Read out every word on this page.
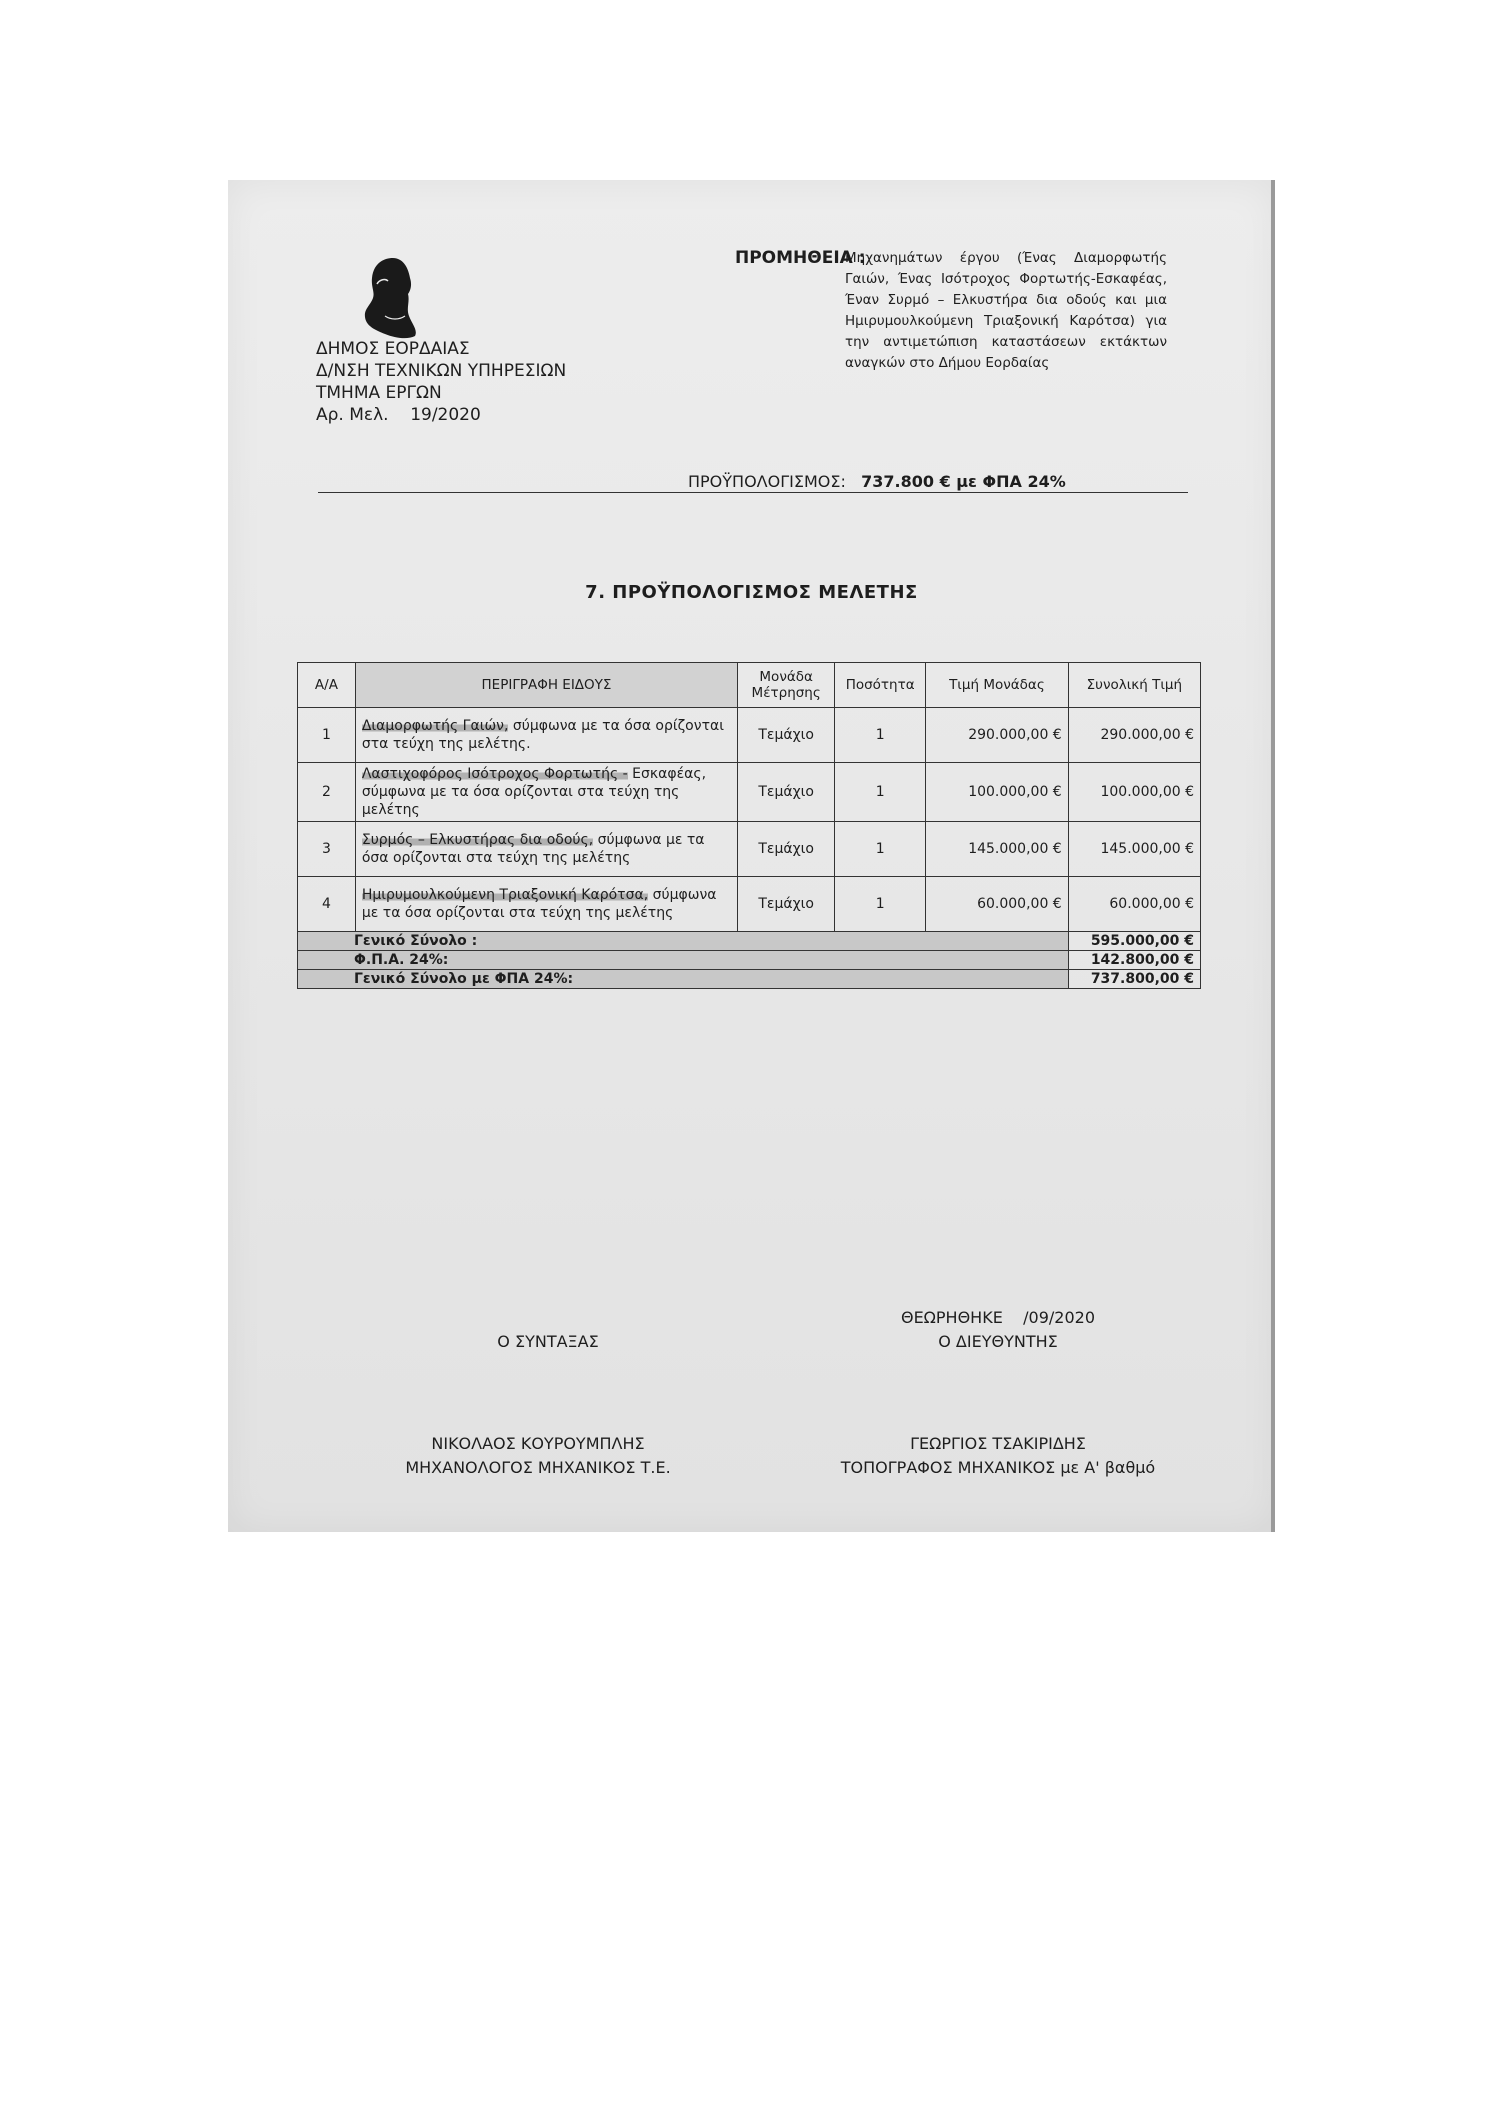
ΔΗΜΟΣ ΕΟΡΔΑΙΑΣ
Δ/ΝΣΗ ΤΕΧΝΙΚΩΝ ΥΠΗΡΕΣΙΩΝ
ΤΜΗΜΑ ΕΡΓΩΝ
Αρ. Μελ. 19/2020
ΠΡΟΜΗΘΕΙΑ :
Μηχανημάτων έργου (Ένας Διαμορφωτής Γαιών, Ένας Ισότροχος Φορτωτής-Εσκαφέας, Έναν Συρμό – Ελκυστήρα δια οδούς και μια Ημιρυμουλκούμενη Τριαξονική Καρότσα) για την αντιμετώπιση καταστάσεων εκτάκτων αναγκών στο Δήμου Εορδαίας
ΠΡΟΫΠΟΛΟΓΙΣΜΟΣ: 737.800 € με ΦΠΑ 24%
7. ΠΡΟΫΠΟΛΟΓΙΣΜΟΣ ΜΕΛΕΤΗΣ
Α/Α	ΠΕΡΙΓΡΑΦΗ ΕΙΔΟΥΣ	Μονάδα Μέτρησης	Ποσότητα	Τιμή Μονάδας	Συνολική Τιμή
1	Διαμορφωτής Γαιών, σύμφωνα με τα όσα ορίζονται στα τεύχη της μελέτης.	Τεμάχιο	1	290.000,00 €	290.000,00 €
2	Λαστιχοφόρος Ισότροχος Φορτωτής - Εσκαφέας, σύμφωνα με τα όσα ορίζονται στα τεύχη της μελέτης	Τεμάχιο	1	100.000,00 €	100.000,00 €
3	Συρμός – Ελκυστήρας δια οδούς, σύμφωνα με τα όσα ορίζονται στα τεύχη της μελέτης	Τεμάχιο	1	145.000,00 €	145.000,00 €
4	Ημιρυμουλκούμενη Τριαξονική Καρότσα, σύμφωνα με τα όσα ορίζονται στα τεύχη της μελέτης	Τεμάχιο	1	60.000,00 €	60.000,00 €
Γενικό Σύνολο :					595.000,00 €
Φ.Π.Α. 24%:					142.800,00 €
Γενικό Σύνολο με ΦΠΑ 24%:					737.800,00 €
Ο ΣΥΝΤΑΞΑΣ
ΘΕΩΡΗΘΗΚΕ    /09/2020
Ο ΔΙΕΥΘΥΝΤΗΣ
ΝΙΚΟΛΑΟΣ ΚΟΥΡΟΥΜΠΛΗΣ
ΜΗΧΑΝΟΛΟΓΟΣ ΜΗΧΑΝΙΚΟΣ Τ.Ε.
ΓΕΩΡΓΙΟΣ ΤΣΑΚΙΡΙΔΗΣ
ΤΟΠΟΓΡΑΦΟΣ ΜΗΧΑΝΙΚΟΣ με Α' βαθμό
